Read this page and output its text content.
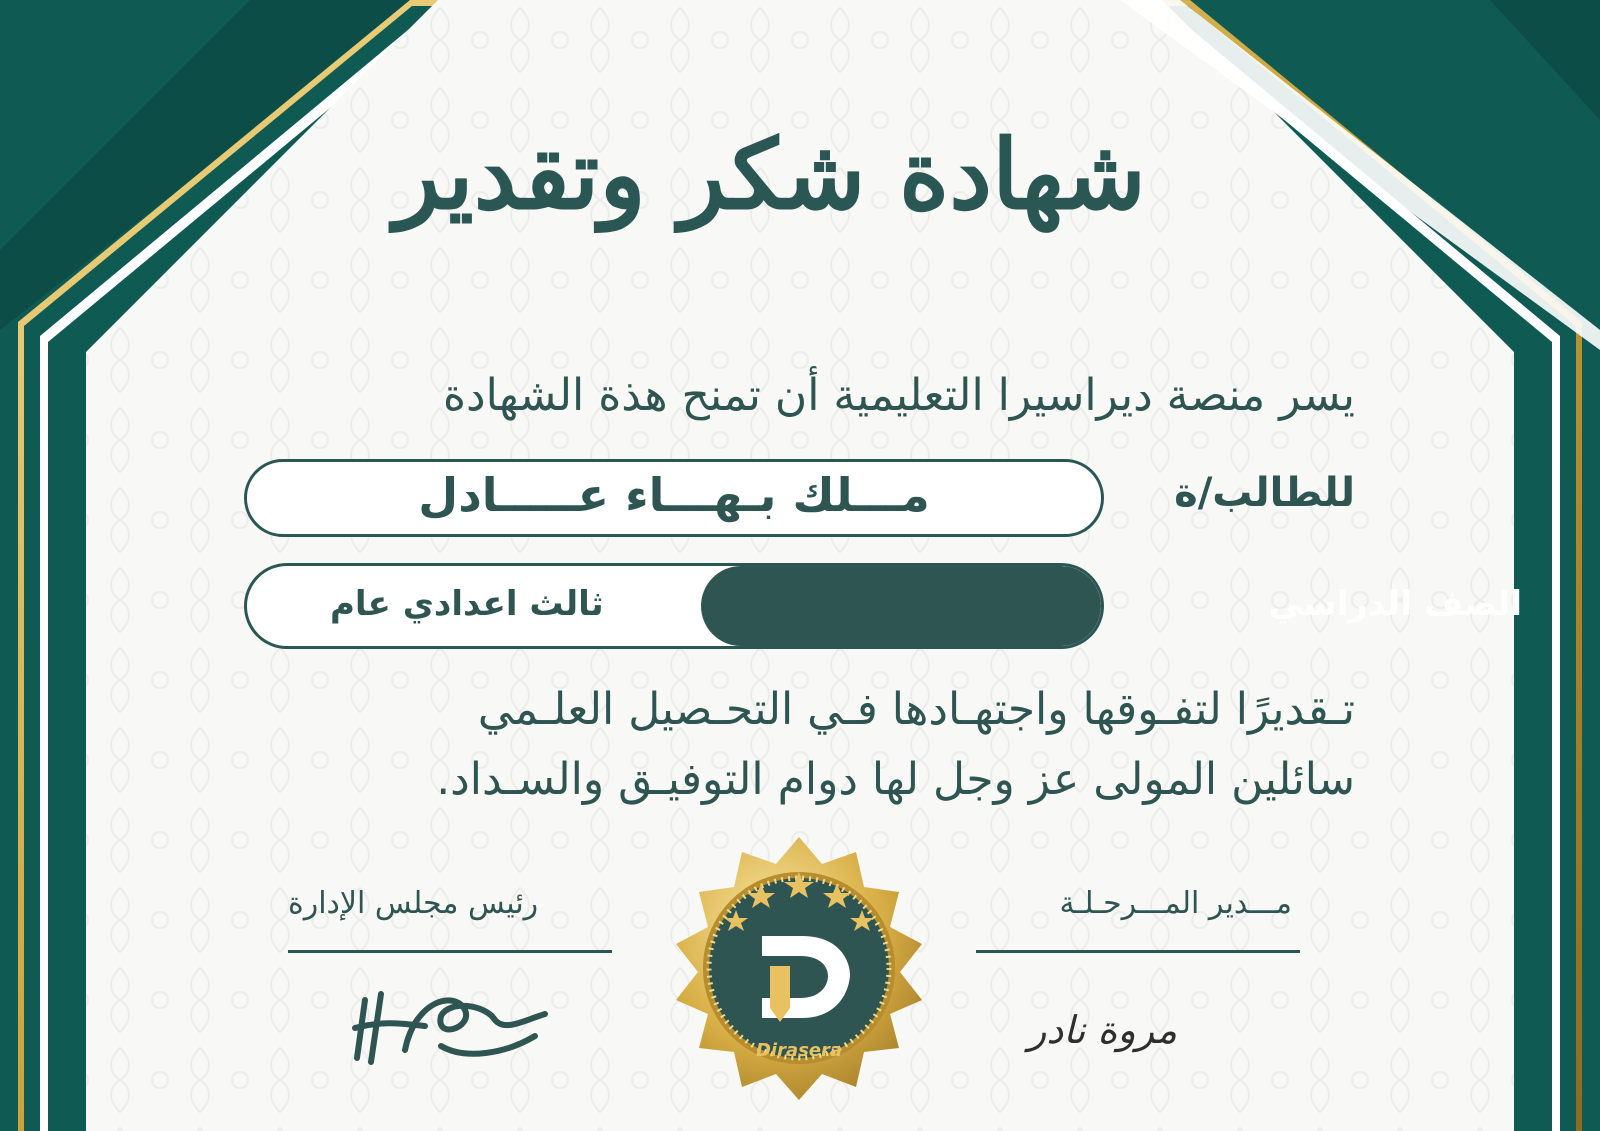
شهادة شكر وتقدير
يسر منصة ديراسيرا التعليمية أن تمنح هذة الشهادة
للطالب/ة
مـــلك بـهـــاء عـــــادل
الصف الدراسي
ثالث اعدادي عام
تـقديرًا لتفـوقها واجتهـادها فـي التحـصيل العلـمي
سائلين المولى عز وجل لها دوام التوفيـق والسـداد.
مـــدير المـــرحـلـة
مروة نادر
رئيس مجلس الإدارة
Dirasera
